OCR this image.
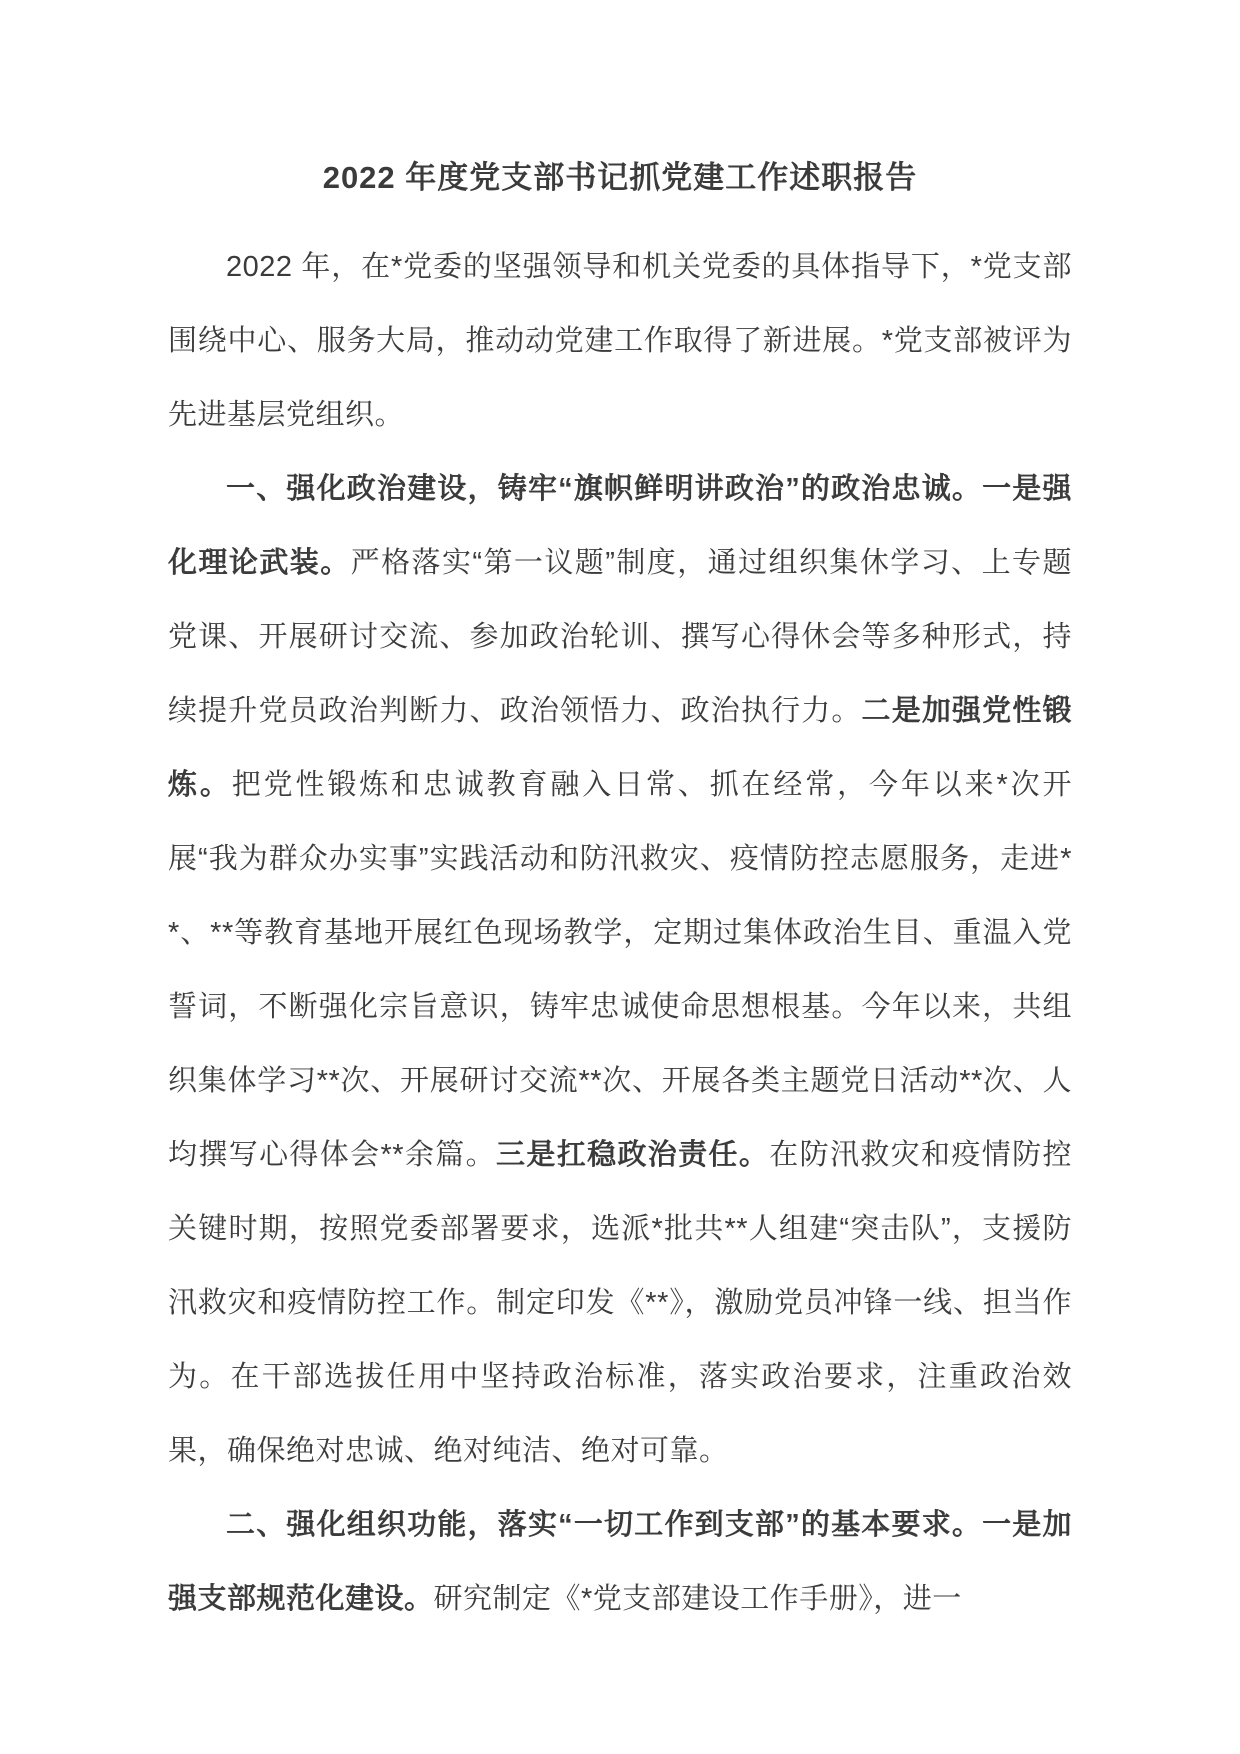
2022 年度党支部书记抓党建工作述职报告

2022 年，在*党委的坚强领导和机关党委的具体指导下，*党支部围绕中心、服务大局，推动动党建工作取得了新进展。*党支部被评为先进基层党组织。

一、强化政治建设，铸牢“旗帜鲜明讲政治”的政治忠诚。一是强化理论武装。严格落实“第一议题”制度，通过组织集休学习、上专题党课、开展研讨交流、参加政治轮训、撰写心得休会等多种形式，持续提升党员政治判断力、政治领悟力、政治执行力。二是加强党性锻炼。把党性锻炼和忠诚教育融入日常、抓在经常，今年以来*次开展“我为群众办实事”实践活动和防汛救灾、疫情防控志愿服务，走进**、**等教育基地开展红色现场教学，定期过集体政治生目、重温入党誓词，不断强化宗旨意识，铸牢忠诚使命思想根基。今年以来，共组织集体学习**次、开展研讨交流**次、开展各类主题党日活动**次、人均撰写心得体会**余篇。三是扛稳政治责任。在防汛救灾和疫情防控关键时期，按照党委部署要求，选派*批共**人组建“突击队”，支援防汛救灾和疫情防控工作。制定印发《**》，激励党员冲锋一线、担当作为。在干部选拔任用中坚持政治标准，落实政治要求，注重政治效果，确保绝对忠诚、绝对纯洁、绝对可靠。

二、强化组织功能，落实“一切工作到支部”的基本要求。一是加强支部规范化建设。研究制定《*党支部建设工作手册》，进一
